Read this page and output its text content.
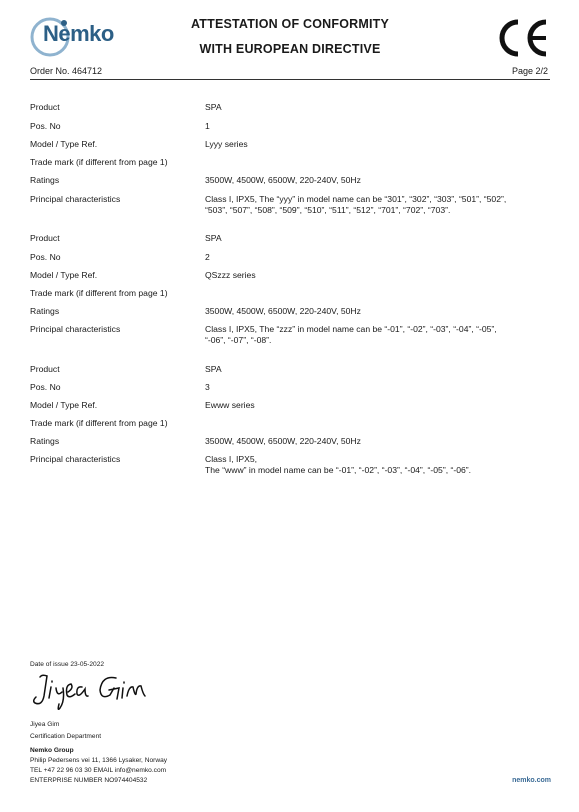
Nemko	ATTESTATION OF CONFORMITY
WITH EUROPEAN DIRECTIVE
Order No. 464712	Page 2/2
Product	SPA
Pos. No	1
Model / Type Ref.	Lyyy series
Trade mark (if different from page 1)
Ratings	3500W, 4500W, 6500W, 220-240V, 50Hz
Principal characteristics	Class I, IPX5, The “yyy” in model name can be “301”, “302”, “303”, “501”, “502”,
“503”, “507”, “508”, “509”, “510”, “511”, “512”, “701”, “702”, “703”.
Product	SPA
Pos. No	2
Model / Type Ref.	QSzzz series
Trade mark (if different from page 1)
Ratings	3500W, 4500W, 6500W, 220-240V, 50Hz
Principal characteristics	Class I, IPX5, The “zzz” in model name can be “-01”, “-02”, “-03”, “-04”, “-05”,
“-06”, “-07”, “-08”.
Product	SPA
Pos. No	3
Model / Type Ref.	Ewww series
Trade mark (if different from page 1)
Ratings	3500W, 4500W, 6500W, 220-240V, 50Hz
Principal characteristics	Class I, IPX5,
The “www” in model name can be “-01”, “-02”, “-03”, “-04”, “-05”, “-06”.
Date of issue 23-05-2022
Jiyea Gim
Certification Department
Nemko Group
Philip Pedersens vei 11, 1366 Lysaker, Norway
TEL +47 22 96 03 30 EMAIL info@nemko.com
ENTERPRISE NUMBER NO974404532	nemko.com
